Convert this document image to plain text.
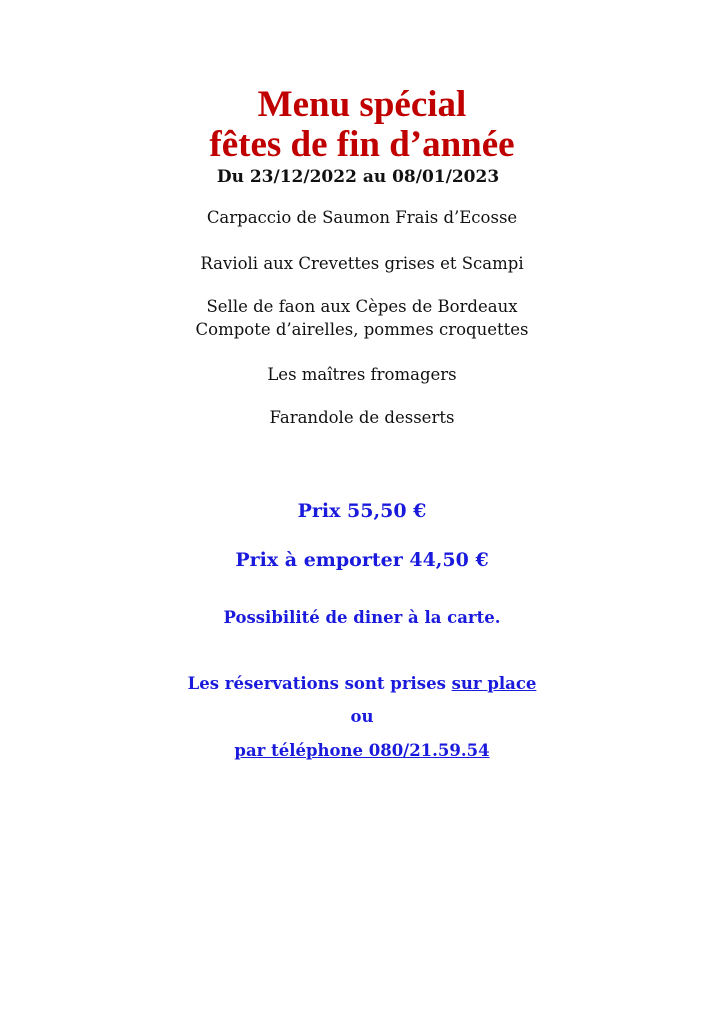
Menu spécial
fêtes de fin d’année
Du 23/12/2022 au 08/01/2023
Carpaccio de Saumon Frais d’Ecosse
Ravioli aux Crevettes grises et Scampi
Selle de faon aux Cèpes de Bordeaux
Compote d’airelles, pommes croquettes
Les maîtres fromagers
Farandole de desserts
Prix 55,50 €
Prix à emporter 44,50 €
Possibilité de diner à la carte.
Les réservations sont prises sur place
ou
par téléphone 080/21.59.54
